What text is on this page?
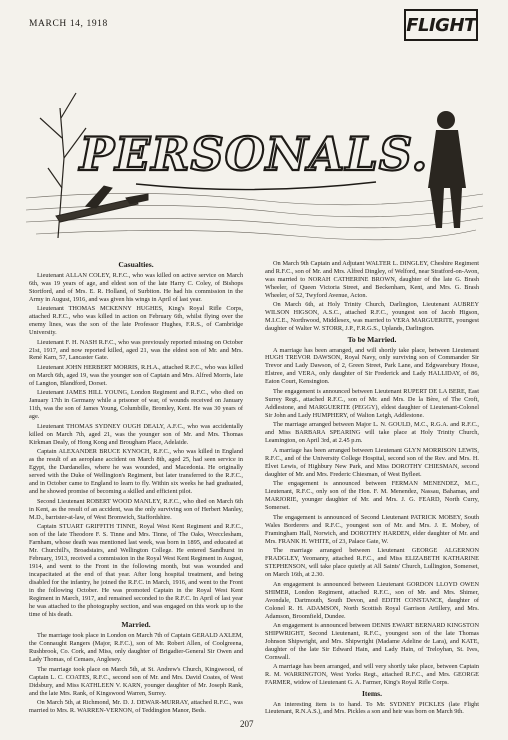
MARCH 14, 1918	FLIGHT
PERSONALS.
Casualties.

Lieutenant ALLAN COLEY, R.F.C., who was killed on active service on March 6th, was 19 years of age, and eldest son of the late Harry C. Coley, of Bishops Stortford, and of Mrs. E. R. Holland, of Surbiton. He had his commission in the Army in August, 1916, and was given his wings in April of last year.

Lieutenant THOMAS MCKENNY HUGHES, King's Royal Rifle Corps, attached R.F.C., who was killed in action on February 6th, whilst flying over the enemy lines, was the son of the late Professor Hughes, F.R.S., of Cambridge University.

Lieutenant F. H. NASH R.F.C., who was previously reported missing on October 21st, 1917, and now reported killed, aged 21, was the eldest son of Mr. and Mrs. René Karn, 57, Lancaster Gate.

Lieutenant JOHN HERBERT MORRIS, R.H.A., attached R.F.C., who was killed on March 6th, aged 19, was the younger son of Captain and Mrs. Alfred Morris, late of Langton, Blandford, Dorset.

Lieutenant JAMES HILL YOUNG, London Regiment and R.F.C., who died on January 17th in Germany while a prisoner of war, of wounds received on January 11th, was the son of James Young, Columbille, Bromley, Kent. He was 30 years of age.

Lieutenant THOMAS SYDNEY OUGH DEALY, A.F.C., who was accidentally killed on March 7th, aged 21, was the younger son of Mr. and Mrs. Thomas Kirkman Dealy, of Hong Kong and Brougham Place, Adelaide.

Captain ALEXANDER BRUCE KYNOCH, R.F.C., who was killed in England as the result of an aeroplane accident on March 8th, aged 25, had seen service in Egypt, the Dardanelles, where he was wounded, and Macedonia. He originally served with the Duke of Wellington's Regiment, but later transferred to the R.F.C., and in October came to England to learn to fly. Within six weeks he had graduated, and he showed promise of becoming a skilled and efficient pilot.

Second Lieutenant ROBERT WOOD MANLEY, R.F.C., who died on March 6th in Kent, as the result of an accident, was the only surviving son of Herbert Manley, M.D., barrister-at-law, of West Bromwich, Staffordshire.

Captain STUART GRIFFITH TINNE, Royal West Kent Regiment and R.F.C., son of the late Theodore F. S. Tinne and Mrs. Tinne, of The Oaks, Wrecclesham, Farnham, whose death was mentioned last week, was born in 1895, and educated at Mr. Churchill's, Broadstairs, and Wellington College. He entered Sandhurst in February, 1913, received a commission in the Royal West Kent Regiment in August, 1914, and went to the Front in the following month, but was wounded and incapacitated at the end of that year. After long hospital treatment, and being disabled for the infantry, he joined the R.F.C. in March, 1916, and went to the Front in the following October. He was promoted Captain in the Royal West Kent Regiment in March, 1917, and remained seconded to the R.F.C. In April of last year he was attached to the photography section, and was engaged on this work up to the time of his death.

Married.

The marriage took place in London on March 7th of Captain GERALD AXLEM, the Connaught Rangers (Major, R.F.C.), son of Mr. Robert Allen, of Coolgreena, Rushbrook, Co. Cork, and Miss, only daughter of Brigadier-General Sir Owen and Lady Thomas, of Cemaes, Anglesey.

The marriage took place on March 5th, at St. Andrew's Church, Kingswood, of Captain L. C. COATES, R.F.C., second son of Mr. and Mrs. David Coates, of West Didsbury, and Miss KATHLEEN V. KARN, younger daughter of Mr. Joseph Rank, and the late Mrs. Rank, of Kingswood Warren, Surrey.

On March 5th, at Richmond, Mr. D. J. DEWAR-MURRAY, attached R.F.C., was married to Mrs. R. WARREN-VERNON, of Teddington Manor, Beds.

On March 9th Captain and Adjutant WALTER L. DINGLEY, Cheshire Regiment and R.F.C., son of Mr. and Mrs. Alfred Dingley, of Welford, near Stratford-on-Avon, was married to NORAH CATHERINE BROWN, daughter of the late G. Brash Wheeler, of Queen Victoria Street, and Beckenham, Kent, and Mrs. G. Brash Wheeler, of 52, Twyford Avenue, Acton.

On March 6th, at Holy Trinity Church, Darlington, Lieutenant AUBREY WILSON HIGSON, A.S.C., attached R.F.C., youngest son of Jacob Higson, M.I.C.E., Northwood, Middlesex, was married to VERA MARGUERITE, youngest daughter of Walter W. STORR, J.P., F.R.G.S., Uplands, Darlington.

To be Married.

A marriage has been arranged, and will shortly take place, between Lieutenant HUGH TREVOR DAWSON, Royal Navy, only surviving son of Commander Sir Trevor and Lady Dawson, of 2, Green Street, Park Lane, and Edgwarebury House, Elstree, and VERA, only daughter of Sir Frederick and Lady HALLIDAY, of 86, Eaton Court, Kensington.

The engagement is announced between Lieutenant RUPERT DE LA BERE, East Surrey Regt., attached R.F.C., son of Mr. and Mrs. De la Bère, of The Croft, Addlestone, and MARGUERITE (PEGGY), eldest daughter of Lieutenant-Colonel Sir John and Lady HUMPHERY, of Walton Leigh, Addlestone.

The marriage arranged between Major L. N. GOULD, M.C., R.G.A. and R.F.C., and Miss BARBARA SPEARING will take place at Holy Trinity Church, Leamington, on April 3rd, at 2.45 p.m.

A marriage has been arranged between Lieutenant GLYN MORRISON LEWIS, R.F.C., and of the University College Hospital, second son of the Rev. and Mrs. H. Elvet Lewis, of Highbury New Park, and Miss DOROTHY CHIESMAN, second daughter of Mr. and Mrs. Frederic Chiesman, of West Byfleet.

The engagement is announced between FERMAN MENENDEZ, M.C., Lieutenant, R.F.C., only son of the Hon. F. M. Menendez, Nassau, Bahamas, and MARJORIE, younger daughter of Mr. and Mrs. J. G. FEARD, North Curry, Somerset.

The engagement is announced of Second Lieutenant PATRICK MOBEY, South Wales Borderers and R.F.C., youngest son of Mr. and Mrs. J. E. Mobey, of Framingham Hall, Norwich, and DOROTHY HARDEN, elder daughter of Mr. and Mrs. FRANK H. WHITE, of 23, Palace Gate, W.

The marriage arranged between Lieutenant GEORGE ALGERNON FRADGLEY, Yeomanry, attached R.F.C., and Miss ELIZABETH KATHARINE STEPHENSON, will take place quietly at All Saints' Church, Lullington, Somerset, on March 16th, at 2.30.

An engagement is announced between Lieutenant GORDON LLOYD OWEN SHIMER, London Regiment, attached R.F.C., son of Mr. and Mrs. Shimer, Avondale, Dartmouth, South Devon, and EDITH CONSTANCE, daughter of Colonel R. H. ADAMSON, North Scottish Royal Garrison Artillery, and Mrs. Adamson, Broomfield, Dundee.

An engagement is announced between DENIS EWART BERNARD KINGSTON SHIPWRIGHT, Second Lieutenant, R.F.C., youngest son of the late Thomas Johnson Shipwright, and Mrs. Shipwright (Madame Adeline de Lara), and KATE, daughter of the late Sir Edward Hain, and Lady Hain, of Treloyhan, St. Ives, Cornwall.

A marriage has been arranged, and will very shortly take place, between Captain R. M. WARRINGTON, West Yorks Regt., attached R.F.C., and Mrs. GEORGE FARMER, widow of Lieutenant G. A. Farmer, King's Royal Rifle Corps.

Items.

An interesting item is to hand. To Mr. SYDNEY PICKLES (late Flight Lieutenant, R.N.A.S.), and Mrs. Pickles a son and heir was born on March 9th.

207
